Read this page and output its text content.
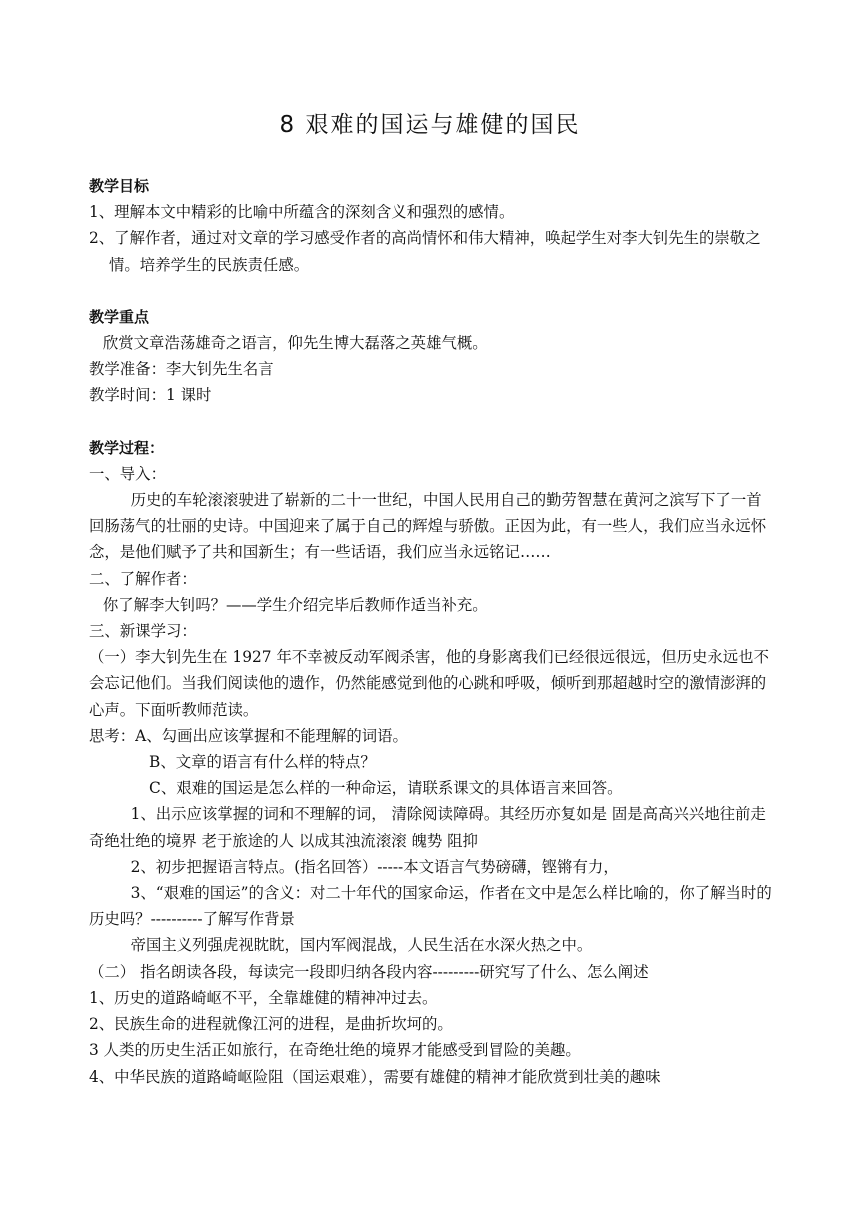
8 艰难的国运与雄健的国民

教学目标

1、理解本文中精彩的比喻中所蕴含的深刻含义和强烈的感情。

2、了解作者，通过对文章的学习感受作者的高尚情怀和伟大精神，唤起学生对李大钊先生的崇敬之情。培养学生的民族责任感。

教学重点

欣赏文章浩荡雄奇之语言，仰先生博大磊落之英雄气概。

教学准备：李大钊先生名言

教学时间：1 课时

教学过程：

一、导入：

历史的车轮滚滚驶进了崭新的二十一世纪，中国人民用自己的勤劳智慧在黄河之滨写下了一首回肠荡气的壮丽的史诗。中国迎来了属于自己的辉煌与骄傲。正因为此，有一些人，我们应当永远怀念，是他们赋予了共和国新生；有一些话语，我们应当永远铭记……

二、了解作者：

你了解李大钊吗？——学生介绍完毕后教师作适当补充。

三、新课学习：

（一）李大钊先生在 1927 年不幸被反动军阀杀害，他的身影离我们已经很远很远，但历史永远也不会忘记他们。当我们阅读他的遗作，仍然能感觉到他的心跳和呼吸，倾听到那超越时空的激情澎湃的心声。下面听教师范读。

思考：A、勾画出应该掌握和不能理解的词语。

B、文章的语言有什么样的特点？

C、艰难的国运是怎么样的一种命运，请联系课文的具体语言来回答。

1、出示应该掌握的词和不理解的词， 清除阅读障碍。其经历亦复如是 固是高高兴兴地往前走 奇绝壮绝的境界 老于旅途的人 以成其浊流滚滚 魄势 阻抑

2、初步把握语言特点。(指名回答）-----本文语言气势磅礴，铿锵有力，

3、“艰难的国运”的含义：对二十年代的国家命运，作者在文中是怎么样比喻的，你了解当时的历史吗？----------了解写作背景

帝国主义列强虎视眈眈，国内军阀混战，人民生活在水深火热之中。

（二） 指名朗读各段，每读完一段即归纳各段内容---------研究写了什么、怎么阐述

1、历史的道路崎岖不平，全靠雄健的精神冲过去。

2、民族生命的进程就像江河的进程，是曲折坎坷的。

3 人类的历史生活正如旅行，在奇绝壮绝的境界才能感受到冒险的美趣。

4、中华民族的道路崎岖险阻（国运艰难），需要有雄健的精神才能欣赏到壮美的趣味
